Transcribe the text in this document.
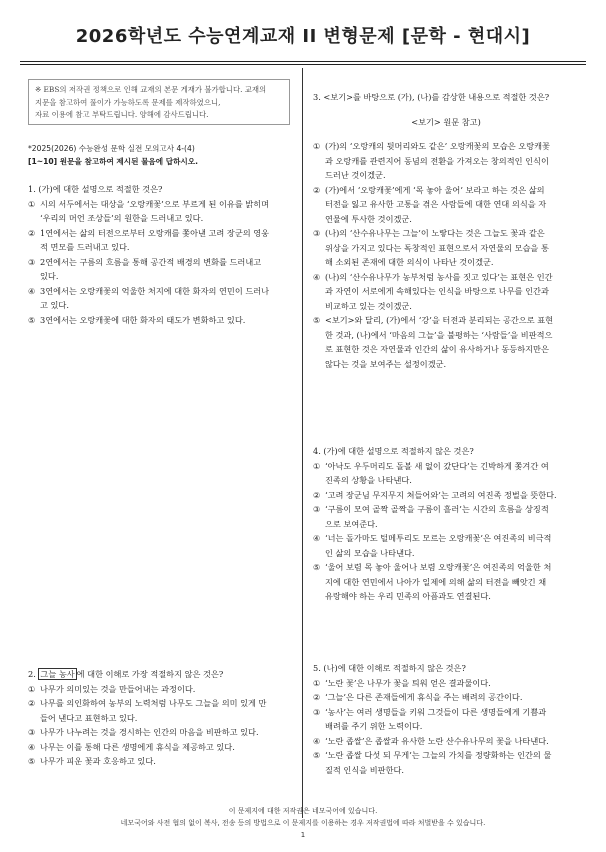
2026학년도 수능연계교재 II 변형문제 [문학 - 현대시]
※ EBS의 저작권 정책으로 인해 교재의 본문 게재가 불가합니다. 교재의
지문을 참고하여 풀이가 가능하도록 문제를 제작하였으니,
자료 이용에 참고 부탁드립니다. 양해에 감사드립니다.
*2025(2026) 수능완성 문학 실전 모의고사 4-(4)
[1~10] 원문을 참고하여 제시된 물음에 답하시오.
1. (가)에 대한 설명으로 적절한 것은?
① 시의 서두에서는 대상을 ‘오랑캐꽃’으로 부르게 된 이유를 밝히며
‘우리의 머언 조상들’의 원한을 드러내고 있다.
② 1연에서는 삶의 터전으로부터 오랑캐를 쫓아낸 고려 장군의 영웅
적 면모를 드러내고 있다.
③ 2연에서는 구름의 흐름을 통해 공간적 배경의 변화를 드러내고
있다.
④ 3연에서는 오랑캐꽃의 억울한 처지에 대한 화자의 연민이 드러나
고 있다.
⑤ 3연에서는 오랑캐꽃에 대한 화자의 태도가 변화하고 있다.
2. 그늘 농사 에 대한 이해로 가장 적절하지 않은 것은?
① 나무가 의미있는 것을 만들어내는 과정이다.
② 나무를 의인화하여 농부의 노력처럼 나무도 그늘을 의미 있게 만
들어 낸다고 표현하고 있다.
③ 나무가 나누려는 것을 경시하는 인간의 마음을 비판하고 있다.
④ 나무는 이를 통해 다른 생명에게 휴식을 제공하고 있다.
⑤ 나무가 피운 꽃과 호응하고 있다.
3. <보기>를 바탕으로 (가), (나)를 감상한 내용으로 적절한 것은?
<보기> 원문 참고)
① (가)의 ‘오랑캐의 뒷머리와도 같은’ 오랑캐꽃의 모습은 오랑캐꽃
과 오랑캐를 관련지어 동념의 전환을 가져오는 창의적인 인식이
드러난 것이겠군.
② (가)에서 ‘오랑캐꽃’에게 ‘목 놓아 울어’ 보라고 하는 것은 삶의
터전을 잃고 유사한 고통을 겪은 사람들에 대한 연대 의식을 자
연물에 투사한 것이겠군.
③ (나)의 ‘산수유나무는 그늘’이 노랗다는 것은 그늘도 꽃과 같은
위상을 가지고 있다는 독창적인 표현으로서 자연물의 모습을 통
해 소외된 존재에 대한 의식이 나타난 것이겠군.
④ (나)의 ‘산수유나무가 농부처럼 농사를 짓고 있다’는 표현은 인간
과 자연이 서로에게 속해있다는 인식을 바탕으로 나무를 인간과
비교하고 있는 것이겠군.
⑤ <보기>와 달리, (가)에서 ‘강’을 터전과 분리되는 공간으로 표현
한 것과, (나)에서 ‘마음의 그늘’을 불평하는 ‘사람들’을 비판적으
로 표현한 것은 자연물과 인간의 삶이 유사하거나 동등하지만은
않다는 것을 보여주는 설정이겠군.
4. (가)에 대한 설명으로 적절하지 않은 것은?
① ‘아낙도 우두머리도 돌볼 새 없이 갔단다’는 긴박하게 쫓겨간 여
진족의 상황을 나타낸다.
② ‘고려 장군님 무지무지 쳐들어와’는 고려의 여진족 정벌을 뜻한다.
③ ‘구름이 모여 골짝 골짝을 구름이 흘러’는 시간의 흐름을 상징적
으로 보여준다.
④ ‘너는 돌가마도 털메투리도 모르는 오랑캐꽃’은 여진족의 비극적
인 삶의 모습을 나타낸다.
⑤ ‘울어 보렴 목 놓아 울어나 보렴 오랑캐꽃’은 여진족의 억울한 처
지에 대한 연민에서 나아가 일제에 의해 삶의 터전을 빼앗긴 채
유랑해야 하는 우리 민족의 아픔과도 연결된다.
5. (나)에 대한 이해로 적절하지 않은 것은?
① ‘노란 꽃’은 나무가 꽃을 틔워 얻은 결과물이다.
② ‘그늘’은 다른 존재들에게 휴식을 주는 배려의 공간이다.
③ ‘농사’는 여러 생명들을 키워 그것들이 다른 생명들에게 기쁨과
배려를 주기 위한 노력이다.
④ ‘노란 좁쌀’은 좁쌀과 유사한 노란 산수유나무의 꽃을 나타낸다.
⑤ ‘노란 좁쌀 다섯 되 무게’는 그늘의 가치를 정량화하는 인간의 물
질적 인식을 비판한다.
이 문제지에 대한 저작권은 네모국어에 있습니다.
네모국어와 사전 협의 없이 복사, 전송 등의 방법으로 이 문제지를 이용하는 경우 저작권법에 따라 처벌받을 수 있습니다.
1
